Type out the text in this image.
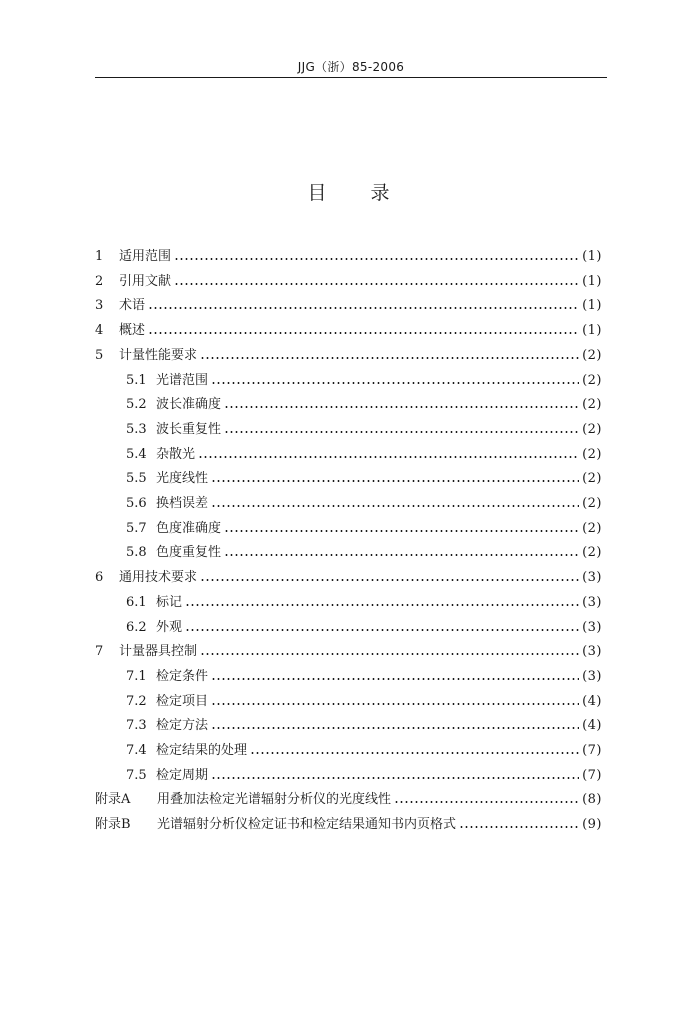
JJG（浙）85-2006
目 录
1	适用范围	(1)
2	引用文献	(1)
3	术语	(1)
4	概述	(1)
5	计量性能要求	(2)
5.1 光谱范围	(2)
5.2 波长准确度	(2)
5.3 波长重复性	(2)
5.4 杂散光	(2)
5.5 光度线性	(2)
5.6 换档误差	(2)
5.7 色度准确度	(2)
5.8 色度重复性	(2)
6	通用技术要求	(3)
6.1 标记	(3)
6.2 外观	(3)
7	计量器具控制	(3)
7.1 检定条件	(3)
7.2 检定项目	(4)
7.3 检定方法	(4)
7.4 检定结果的处理	(7)
7.5 检定周期	(7)
附录A	用叠加法检定光谱辐射分析仪的光度线性	(8)
附录B	光谱辐射分析仪检定证书和检定结果通知书内页格式	(9)
